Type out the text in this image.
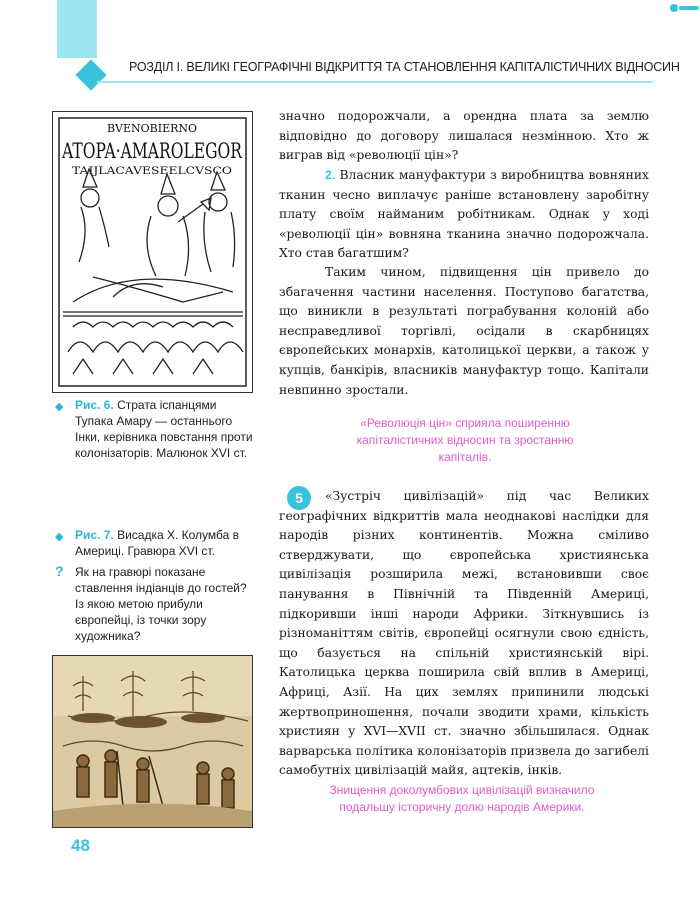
РОЗДІЛ І. ВЕЛИКІ ГЕОГРАФІЧНІ ВІДКРИТТЯ ТА СТАНОВЛЕННЯ КАПІТАЛІСТИЧНИХ ВІДНОСИН
BVENOBIERNO
ATOPA·AMAROLEGOR
TAIJLACAVESEELCVSCO
◆ Рис. 6. Страта іспанцями Тупака Амару — останнього Інки, керівника повстання проти колонізаторів. Малюнок XVI ст.
◆ Рис. 7. Висадка Х. Колумба в Америці. Гравюра XVI ст.
? Як на гравюрі показане ставлення індіанців до гостей? Із якою метою прибули європейці, із точки зору художника?

значно подорожчали, а орендна плата за землю відповідно до договору лишалася незмінною. Хто ж виграв від «революції цін»?

2. Власник мануфактури з виробництва вовняних тканин чесно виплачує раніше встановлену заробітну плату своїм найманим робітникам. Однак у ході «революції цін» вовняна тканина значно подорожчала. Хто став багатшим?

Таким чином, підвищення цін привело до збагачення частини населення. Поступово багатства, що виникли в результаті пограбування колоній або несправедливої торгівлі, осідали в скарбницях європейських монархів, католицької церкви, а також у купців, банкірів, власників мануфактур тощо. Капітали невпинно зростали.

«Революція цін» сприяла поширенню капіталістичних відносин та зростанню капіталів.
5	«Зустріч цивілізацій» під час Великих географічних відкриттів мала неоднакові наслідки для народів різних континентів. Можна сміливо стверджувати, що європейська християнська цивілізація розширила межі, встановивши своє панування в Північній та Південній Америці, підкоривши інші народи Африки. Зіткнувшись із різноманіттям світів, європейці осягнули свою єдність, що базується на спільній християнській вірі. Католицька церква поширила свій вплив в Америці, Африці, Азії. На цих землях припинили людські жертвоприношення, почали зводити храми, кількість християн у XVI—XVII ст. значно збільшилася. Однак варварська політика колонізаторів призвела до загибелі самобутніх цивілізацій майя, ацтеків, інків.

Знищення доколумбових цивілізацій визначило подальшу історичну долю народів Америки.
48
